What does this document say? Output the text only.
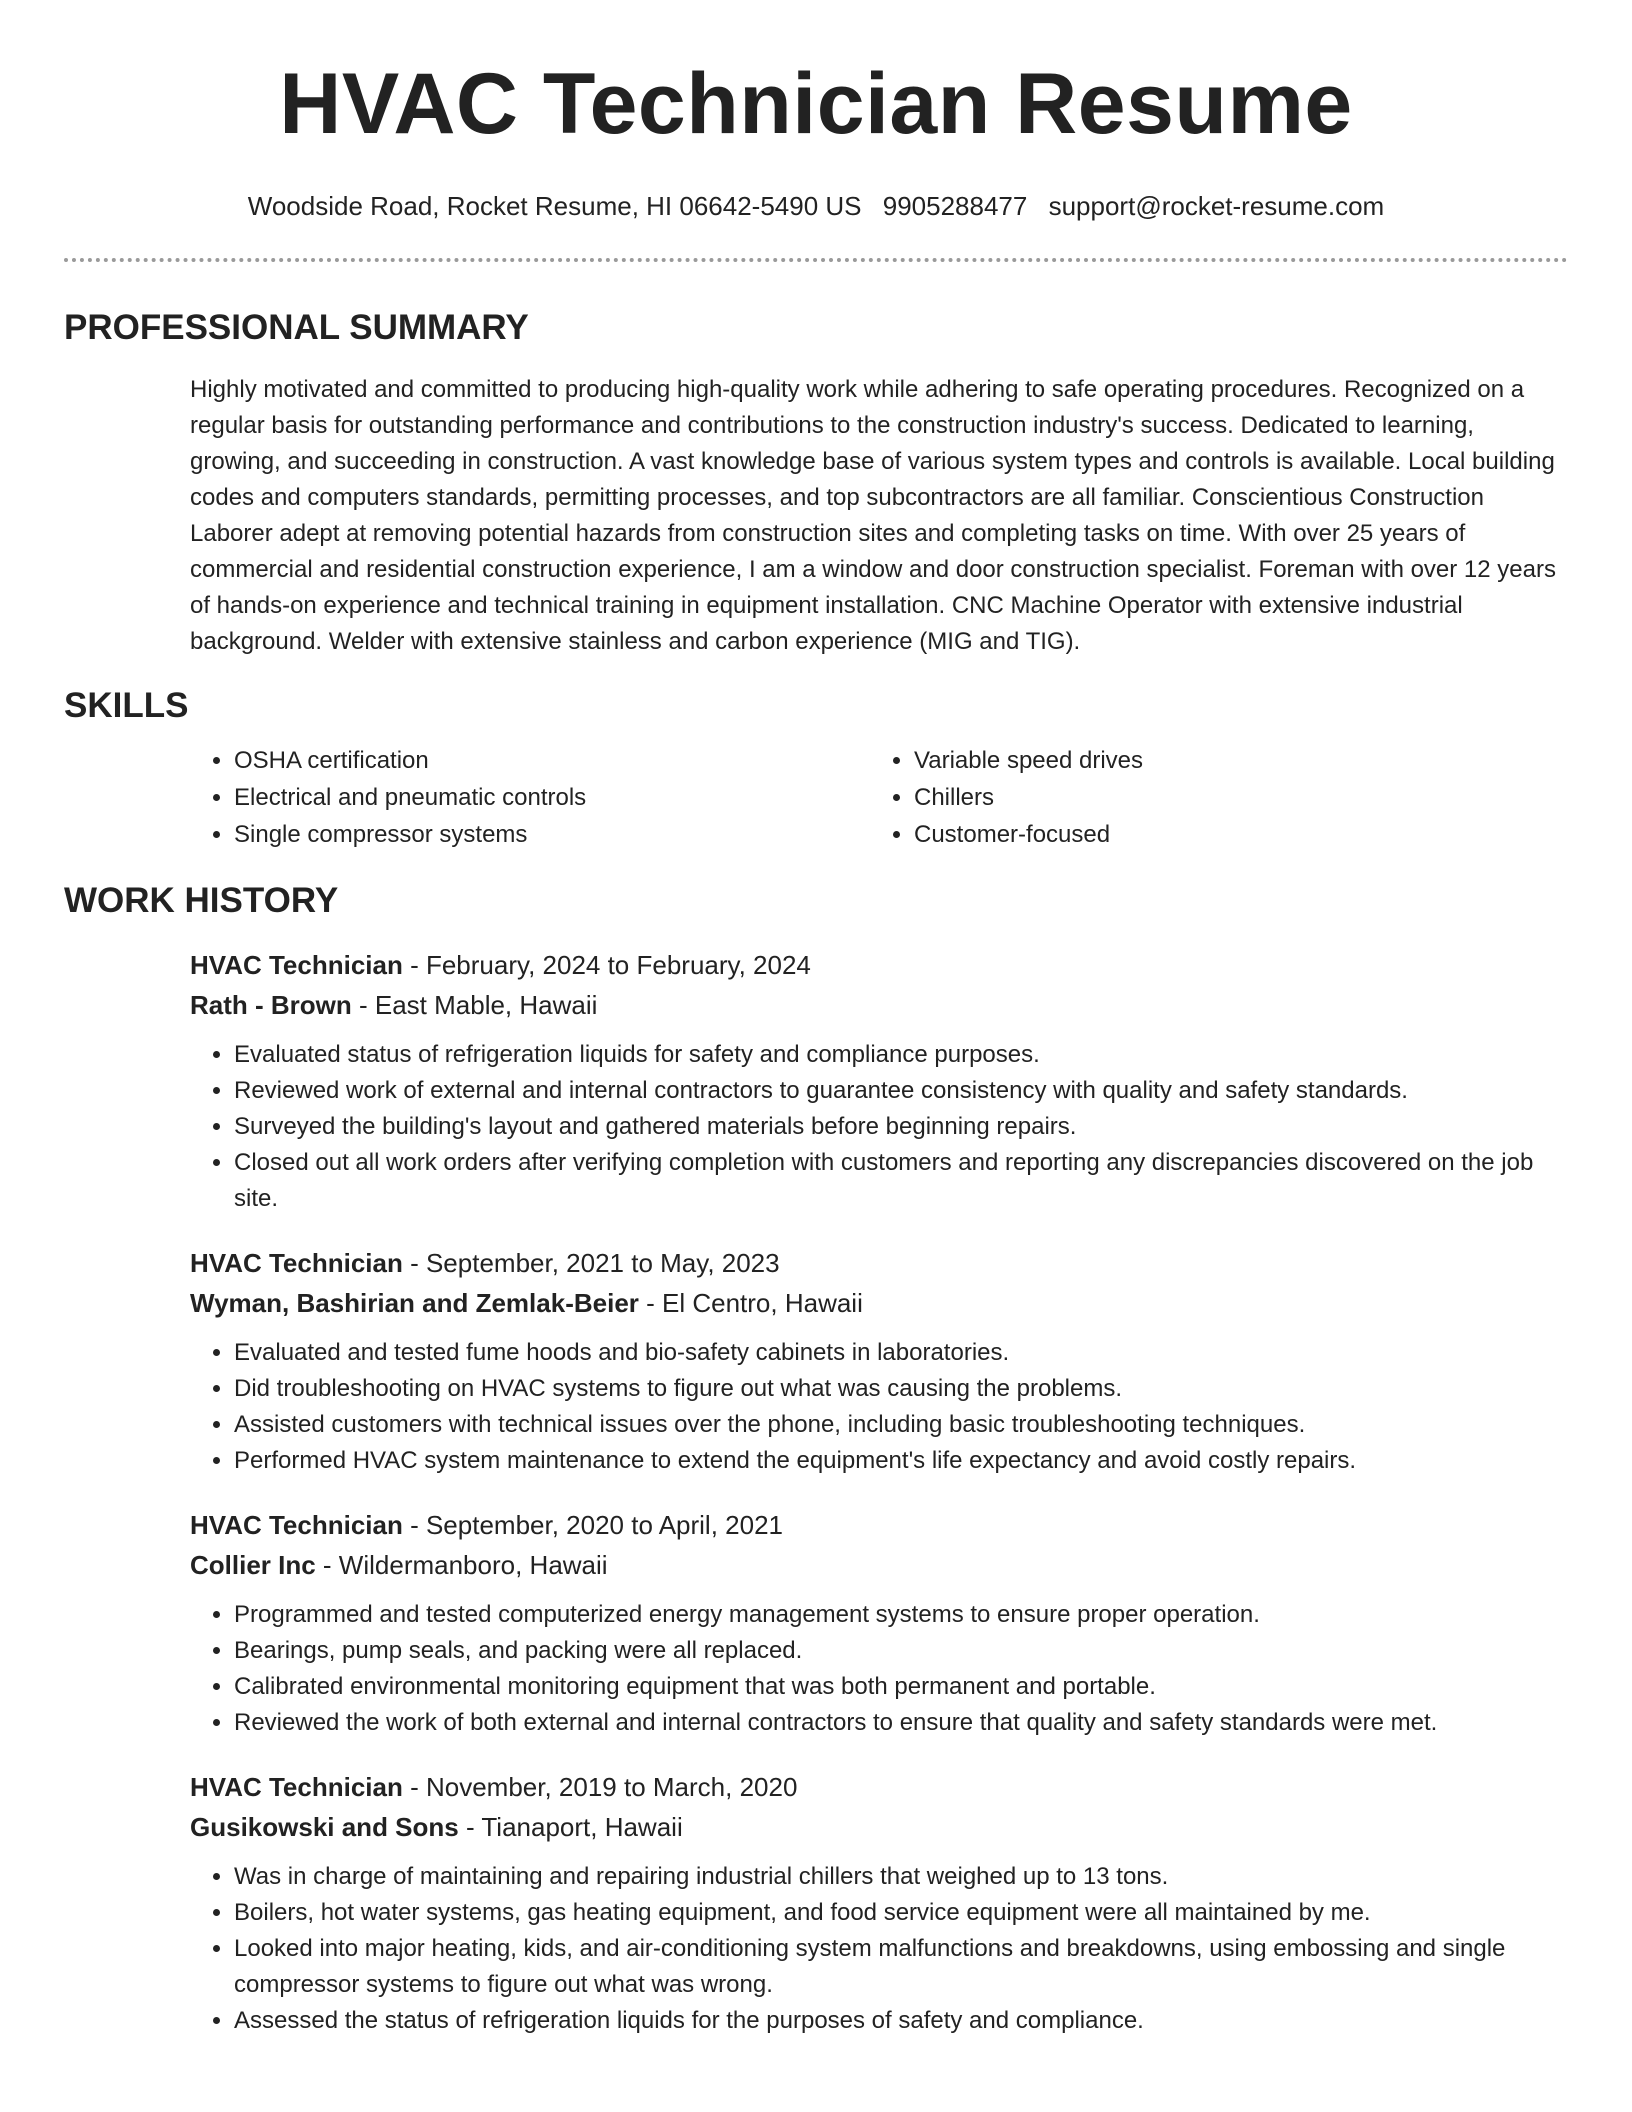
HVAC Technician Resume
Woodside Road, Rocket Resume, HI 06642-5490 US 9905288477 support@rocket-resume.com
PROFESSIONAL SUMMARY
Highly motivated and committed to producing high-quality work while adhering to safe operating procedures. Recognized on a regular basis for outstanding performance and contributions to the construction industry's success. Dedicated to learning, growing, and succeeding in construction. A vast knowledge base of various system types and controls is available. Local building codes and computers standards, permitting processes, and top subcontractors are all familiar. Conscientious Construction Laborer adept at removing potential hazards from construction sites and completing tasks on time. With over 25 years of commercial and residential construction experience, I am a window and door construction specialist. Foreman with over 12 years of hands-on experience and technical training in equipment installation. CNC Machine Operator with extensive industrial background. Welder with extensive stainless and carbon experience (MIG and TIG).
SKILLS
• OSHA certification
• Electrical and pneumatic controls
• Single compressor systems
• Variable speed drives
• Chillers
• Customer-focused
WORK HISTORY
HVAC Technician - February, 2024 to February, 2024
Rath - Brown - East Mable, Hawaii
• Evaluated status of refrigeration liquids for safety and compliance purposes.
• Reviewed work of external and internal contractors to guarantee consistency with quality and safety standards.
• Surveyed the building's layout and gathered materials before beginning repairs.
• Closed out all work orders after verifying completion with customers and reporting any discrepancies discovered on the job site.
HVAC Technician - September, 2021 to May, 2023
Wyman, Bashirian and Zemlak-Beier - El Centro, Hawaii
• Evaluated and tested fume hoods and bio-safety cabinets in laboratories.
• Did troubleshooting on HVAC systems to figure out what was causing the problems.
• Assisted customers with technical issues over the phone, including basic troubleshooting techniques.
• Performed HVAC system maintenance to extend the equipment's life expectancy and avoid costly repairs.
HVAC Technician - September, 2020 to April, 2021
Collier Inc - Wildermanboro, Hawaii
• Programmed and tested computerized energy management systems to ensure proper operation.
• Bearings, pump seals, and packing were all replaced.
• Calibrated environmental monitoring equipment that was both permanent and portable.
• Reviewed the work of both external and internal contractors to ensure that quality and safety standards were met.
HVAC Technician - November, 2019 to March, 2020
Gusikowski and Sons - Tianaport, Hawaii
• Was in charge of maintaining and repairing industrial chillers that weighed up to 13 tons.
• Boilers, hot water systems, gas heating equipment, and food service equipment were all maintained by me.
• Looked into major heating, kids, and air-conditioning system malfunctions and breakdowns, using embossing and single compressor systems to figure out what was wrong.
• Assessed the status of refrigeration liquids for the purposes of safety and compliance.
